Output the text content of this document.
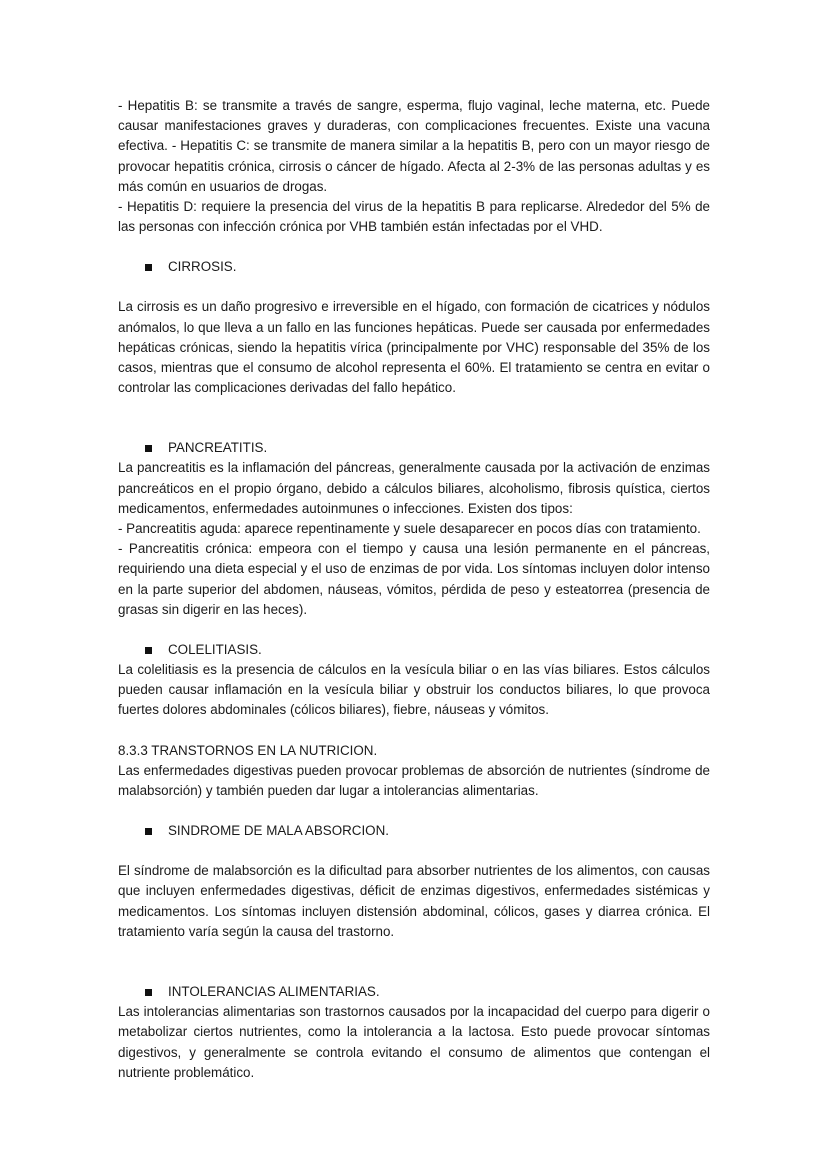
- Hepatitis B: se transmite a través de sangre, esperma, flujo vaginal, leche materna, etc. Puede causar manifestaciones graves y duraderas, con complicaciones frecuentes. Existe una vacuna efectiva. - Hepatitis C: se transmite de manera similar a la hepatitis B, pero con un mayor riesgo de provocar hepatitis crónica, cirrosis o cáncer de hígado. Afecta al 2-3% de las personas adultas y es más común en usuarios de drogas.

- Hepatitis D: requiere la presencia del virus de la hepatitis B para replicarse. Alrededor del 5% de las personas con infección crónica por VHB también están infectadas por el VHD.

CIRROSIS.

La cirrosis es un daño progresivo e irreversible en el hígado, con formación de cicatrices y nódulos anómalos, lo que lleva a un fallo en las funciones hepáticas. Puede ser causada por enfermedades hepáticas crónicas, siendo la hepatitis vírica (principalmente por VHC) responsable del 35% de los casos, mientras que el consumo de alcohol representa el 60%. El tratamiento se centra en evitar o controlar las complicaciones derivadas del fallo hepático.

PANCREATITIS.

La pancreatitis es la inflamación del páncreas, generalmente causada por la activación de enzimas pancreáticos en el propio órgano, debido a cálculos biliares, alcoholismo, fibrosis quística, ciertos medicamentos, enfermedades autoinmunes o infecciones. Existen dos tipos:

- Pancreatitis aguda: aparece repentinamente y suele desaparecer en pocos días con tratamiento.

- Pancreatitis crónica: empeora con el tiempo y causa una lesión permanente en el páncreas, requiriendo una dieta especial y el uso de enzimas de por vida. Los síntomas incluyen dolor intenso en la parte superior del abdomen, náuseas, vómitos, pérdida de peso y esteatorrea (presencia de grasas sin digerir en las heces).

COLELITIASIS.

La colelitiasis es la presencia de cálculos en la vesícula biliar o en las vías biliares. Estos cálculos pueden causar inflamación en la vesícula biliar y obstruir los conductos biliares, lo que provoca fuertes dolores abdominales (cólicos biliares), fiebre, náuseas y vómitos.

8.3.3 TRANSTORNOS EN LA NUTRICION.

Las enfermedades digestivas pueden provocar problemas de absorción de nutrientes (síndrome de malabsorción) y también pueden dar lugar a intolerancias alimentarias.

SINDROME DE MALA ABSORCION.

El síndrome de malabsorción es la dificultad para absorber nutrientes de los alimentos, con causas que incluyen enfermedades digestivas, déficit de enzimas digestivos, enfermedades sistémicas y medicamentos. Los síntomas incluyen distensión abdominal, cólicos, gases y diarrea crónica. El tratamiento varía según la causa del trastorno.

INTOLERANCIAS ALIMENTARIAS.

Las intolerancias alimentarias son trastornos causados por la incapacidad del cuerpo para digerir o metabolizar ciertos nutrientes, como la intolerancia a la lactosa. Esto puede provocar síntomas digestivos, y generalmente se controla evitando el consumo de alimentos que contengan el nutriente problemático.
